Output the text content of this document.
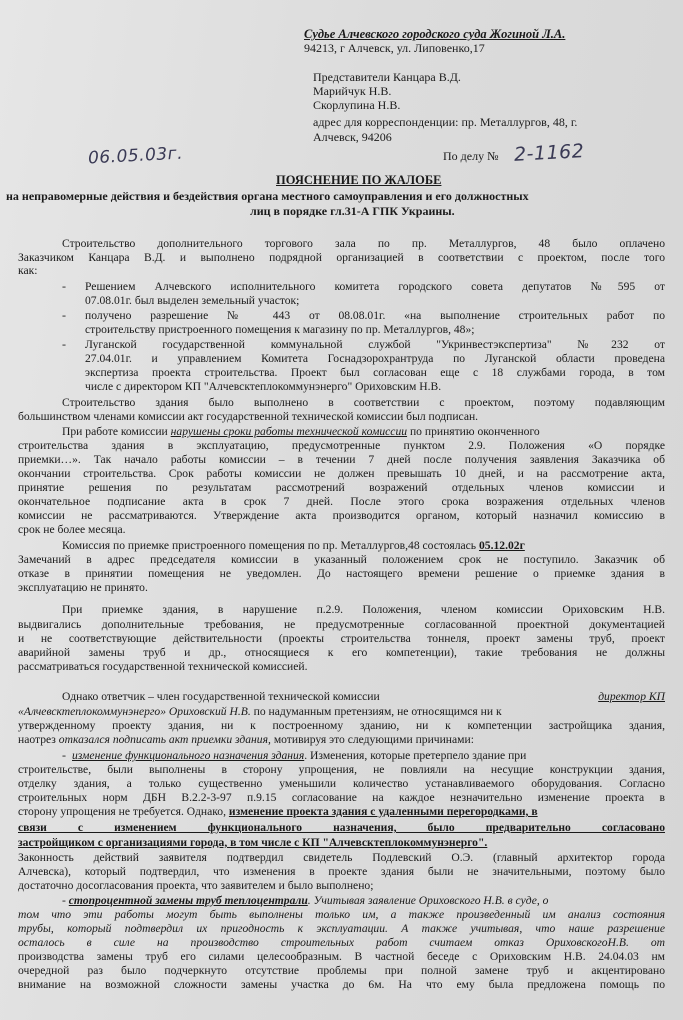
Судье Алчевского городского суда Жогиной Л.А.
94213, г Алчевск, ул. Липовенко,17
Представители Канцара В.Д.
Марийчук Н.В.
Скорлупина Н.В.
адрес для корреспонденции: пр. Металлургов, 48, г.
Алчевск, 94206
06.05.03г.	По делу № 2-1162
ПОЯСНЕНИЕ ПО ЖАЛОБЕ
на неправомерные действия и бездействия органа местного самоуправления и его должностных
лиц в порядке гл.31-А ГПК Украины.
Строительство дополнительного торгового зала по пр. Металлургов, 48 было оплачено
Заказчиком Канцара В.Д. и выполнено подрядной организацией в соответствии с проектом, после того
как:
- Решением Алчевского исполнительного комитета городского совета депутатов №595 от
07.08.01г. был выделен земельный участок;
- получено разрешение № 443 от 08.08.01г. «на выполнение строительных работ по
строительству пристроенного помещения к магазину по пр. Металлургов, 48»;
- Луганской государственной коммунальной службой "Укринвестэкспертиза" №232 от
27.04.01г. и управлением Комитета Госнадзорохрантруда по Луганской области проведена
экспертиза проекта строительства. Проект был согласован еще с 18 службами города, в том
числе с директором КП "Алчевсктеплокоммунэнерго" Ориховским Н.В.
Строительство здания было выполнено в соответствии с проектом, поэтому подавляющим
большинством членами комиссии акт государственной технической комиссии был подписан.
При работе комиссии нарушены сроки работы технической комиссии по принятию оконченного
строительства здания в эксплуатацию, предусмотренные пунктом 2.9. Положения «О порядке
приемки…». Так начало работы комиссии – в течении 7 дней после получения заявления Заказчика об
окончании строительства. Срок работы комиссии не должен превышать 10 дней, и на рассмотрение акта,
принятие решения по результатам рассмотрений возражений отдельных членов комиссии и
окончательное подписание акта в срок 7 дней. После этого срока возражения отдельных членов
комиссии не рассматриваются. Утверждение акта производится органом, который назначил комиссию в
срок не более месяца.
Комиссия по приемке пристроенного помещения по пр. Металлургов,48 состоялась 05.12.02г
Замечаний в адрес председателя комиссии в указанный положением срок не поступило. Заказчик об
отказе в принятии помещения не уведомлен. До настоящего времени решение о приемке здания в
эксплуатацию не принято.
При приемке здания, в нарушение п.2.9. Положения, членом комиссии Ориховским Н.В.
выдвигались дополнительные требования, не предусмотренные согласованной проектной документацией
и не соответствующие действительности (проекты строительства тоннеля, проект замены труб, проект
аварийной замены труб и др., относящиеся к его компетенции), такие требования не должны
рассматриваться государственной технической комиссией.
Однако ответчик – член государственной технической комиссии	директор КП
«Алчевсктеплокоммунэнерго» Ориховский Н.В. по надуманным претензиям, не относящимся ни к
утвержденному проекту здания, ни к построенному зданию, ни к компетенции застройщика здания,
наотрез отказался подписать акт приемки здания, мотивируя это следующими причинами:
- изменение функционального назначения здания. Изменения, которые претерпело здание при
строительстве, были выполнены в сторону упрощения, не повлияли на несущие конструкции здания,
отделку здания, а только существенно уменьшили количество устанавливаемого оборудования. Согласно
строительных норм ДБН В.2.2-3-97 п.9.15 согласование на каждое незначительно изменение проекта в
сторону упрощения не требуется. Однако, изменение проекта здания с удаленными перегородками, в
связи с изменением функционального назначения, было предварительно согласовано
застройщиком с организациями города, в том числе с КП "Алчевсктеплокоммунэнерго".
Законность действий заявителя подтвердил свидетель Подлевский О.Э. (главный архитектор города
Алчевска), который подтвердил, что изменения в проекте здания были не значительными, поэтому было
достаточно досогласования проекта, что заявителем и было выполнено;
- стопроцентной замены труб теплоцентрали. Учитывая заявление Ориховского Н.В. в суде, о
том что эти работы могут быть выполнены только им, а также произведенный им анализ состояния
трубы, который подтвердил их пригодность к эксплуатации. А также учитывая, что наше разрешение
осталось в силе на производство строительных работ считаем отказ ОриховскогоН.В. от
производства замены труб его силами целесообразным. В частной беседе с Ориховским Н.В. 24.04.03 нм
очередной раз было подчеркнуто отсутствие проблемы при полной замене труб и акцентировано
внимание на возможной сложности замены участка до 6м. На что ему была предложена помощь по
